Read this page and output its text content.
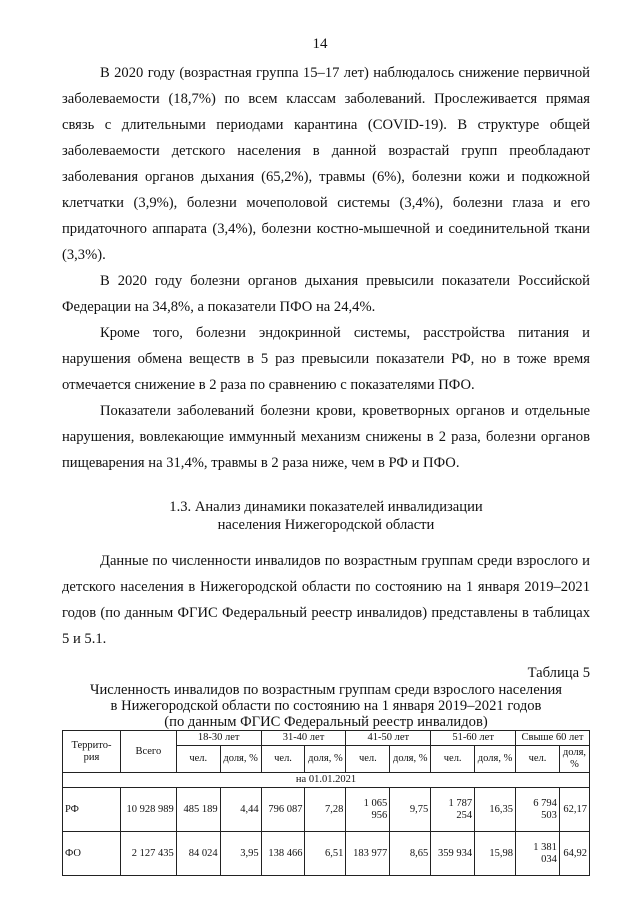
14

В 2020 году (возрастная группа 15–17 лет) наблюдалось снижение первичной заболеваемости (18,7%) по всем классам заболеваний. Прослеживается прямая связь с длительными периодами карантина (COVID-19). В структуре общей заболеваемости детского населения в данной возрастай групп преобладают заболевания органов дыхания (65,2%), травмы (6%), болезни кожи и подкожной клетчатки (3,9%), болезни мочеполовой системы (3,4%), болезни глаза и его придаточного аппарата (3,4%), болезни костно-мышечной и соединительной ткани (3,3%).

В 2020 году болезни органов дыхания превысили показатели Российской Федерации на 34,8%, а показатели ПФО на 24,4%.

Кроме того, болезни эндокринной системы, расстройства питания и нарушения обмена веществ в 5 раз превысили показатели РФ, но в тоже время отмечается снижение в 2 раза по сравнению с показателями ПФО.

Показатели заболеваний болезни крови, кроветворных органов и отдельные нарушения, вовлекающие иммунный механизм снижены в 2 раза, болезни органов пищеварения на 31,4%, травмы в 2 раза ниже, чем в РФ и ПФО.

1.3. Анализ динамики показателей инвалидизации
населения Нижегородской области

Данные по численности инвалидов по возрастным группам среди взрослого и детского населения в Нижегородской области по состоянию на 1 января 2019–2021 годов (по данным ФГИС Федеральный реестр инвалидов) представлены в таблицах 5 и 5.1.

Таблица 5
Численность инвалидов по возрастным группам среди взрослого населения
в Нижегородской области по состоянию на 1 января 2019–2021 годов
(по данным ФГИС Федеральный реестр инвалидов)
Террито-рия	Всего	18-30 лет		31-40 лет		41-50 лет		51-60 лет		Свыше 60 лет	
		чел.	доля, %	чел.	доля, %	чел.	доля, %	чел.	доля, %	чел.	доля, %
на 01.01.2021											
РФ	10 928 989	485 189	4,44	796 087	7,28	1 065 956	9,75	1 787 254	16,35	6 794 503	62,17
ФО	2 127 435	84 024	3,95	138 466	6,51	183 977	8,65	359 934	15,98	1 381 034	64,92
